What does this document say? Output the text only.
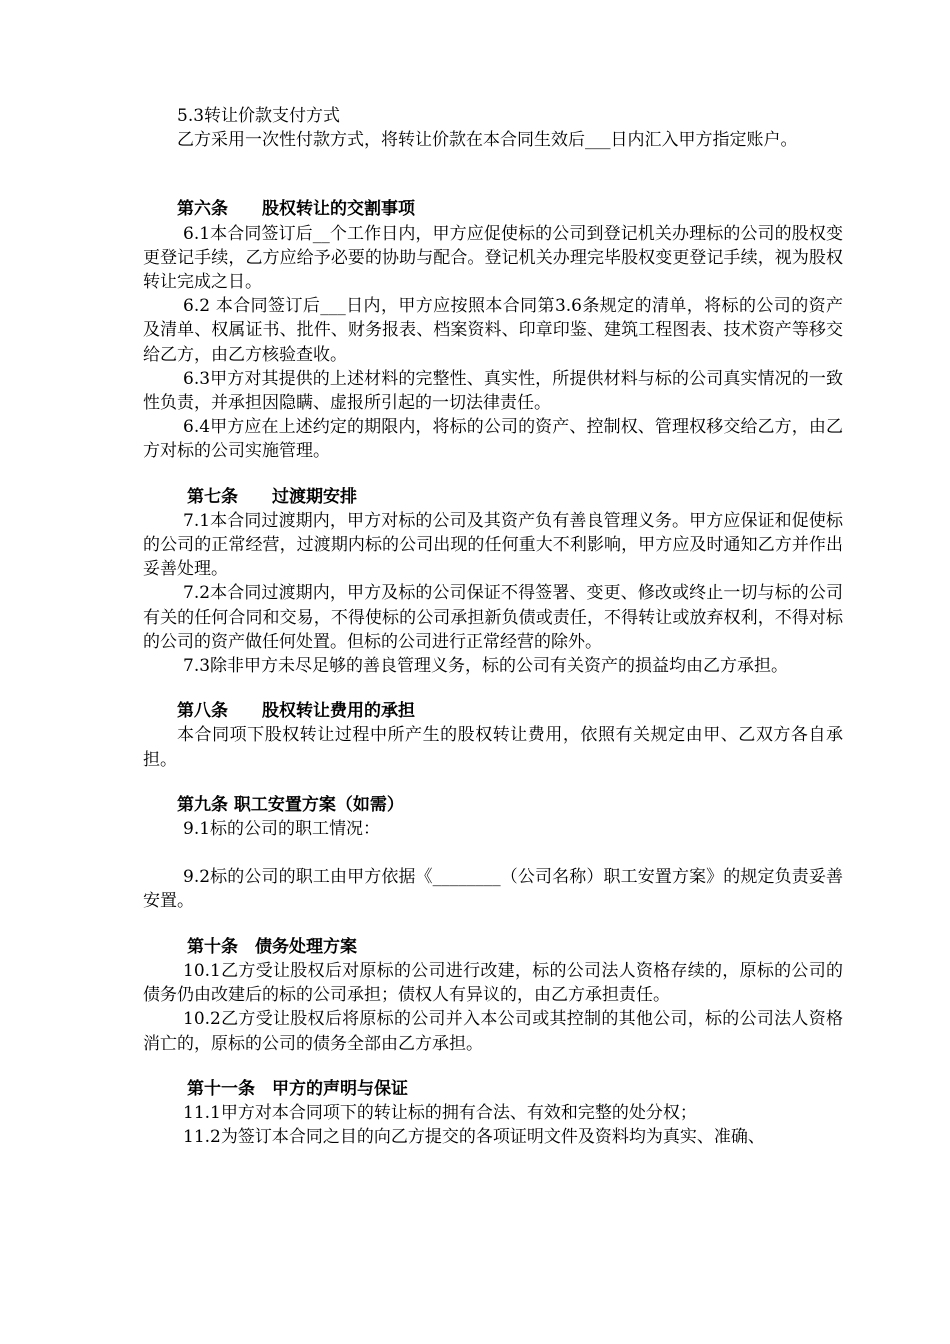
5.3转让价款支付方式

乙方采用一次性付款方式，将转让价款在本合同生效后___日内汇入甲方指定账户。

第六条　　股权转让的交割事项

6.1本合同签订后__个工作日内，甲方应促使标的公司到登记机关办理标的公司的股权变更登记手续，乙方应给予必要的协助与配合。登记机关办理完毕股权变更登记手续，视为股权转让完成之日。

6.2 本合同签订后___日内，甲方应按照本合同第3.6条规定的清单，将标的公司的资产及清单、权属证书、批件、财务报表、档案资料、印章印鉴、建筑工程图表、技术资产等移交给乙方，由乙方核验查收。

6.3甲方对其提供的上述材料的完整性、真实性，所提供材料与标的公司真实情况的一致性负责，并承担因隐瞒、虚报所引起的一切法律责任。

6.4甲方应在上述约定的期限内，将标的公司的资产、控制权、管理权移交给乙方，由乙方对标的公司实施管理。

第七条　　过渡期安排

7.1本合同过渡期内，甲方对标的公司及其资产负有善良管理义务。甲方应保证和促使标的公司的正常经营，过渡期内标的公司出现的任何重大不利影响，甲方应及时通知乙方并作出妥善处理。

7.2本合同过渡期内，甲方及标的公司保证不得签署、变更、修改或终止一切与标的公司有关的任何合同和交易，不得使标的公司承担新负债或责任，不得转让或放弃权利，不得对标的公司的资产做任何处置。但标的公司进行正常经营的除外。

7.3除非甲方未尽足够的善良管理义务，标的公司有关资产的损益均由乙方承担。

第八条　　股权转让费用的承担

本合同项下股权转让过程中所产生的股权转让费用，依照有关规定由甲、乙双方各自承担。

第九条 职工安置方案（如需）

9.1标的公司的职工情况：

9.2标的公司的职工由甲方依据《________（公司名称）职工安置方案》的规定负责妥善安置。

第十条　债务处理方案

10.1乙方受让股权后对原标的公司进行改建，标的公司法人资格存续的，原标的公司的债务仍由改建后的标的公司承担；债权人有异议的，由乙方承担责任。

10.2乙方受让股权后将原标的公司并入本公司或其控制的其他公司，标的公司法人资格消亡的，原标的公司的债务全部由乙方承担。

第十一条　甲方的声明与保证

11.1甲方对本合同项下的转让标的拥有合法、有效和完整的处分权；

11.2为签订本合同之目的向乙方提交的各项证明文件及资料均为真实、准确、
